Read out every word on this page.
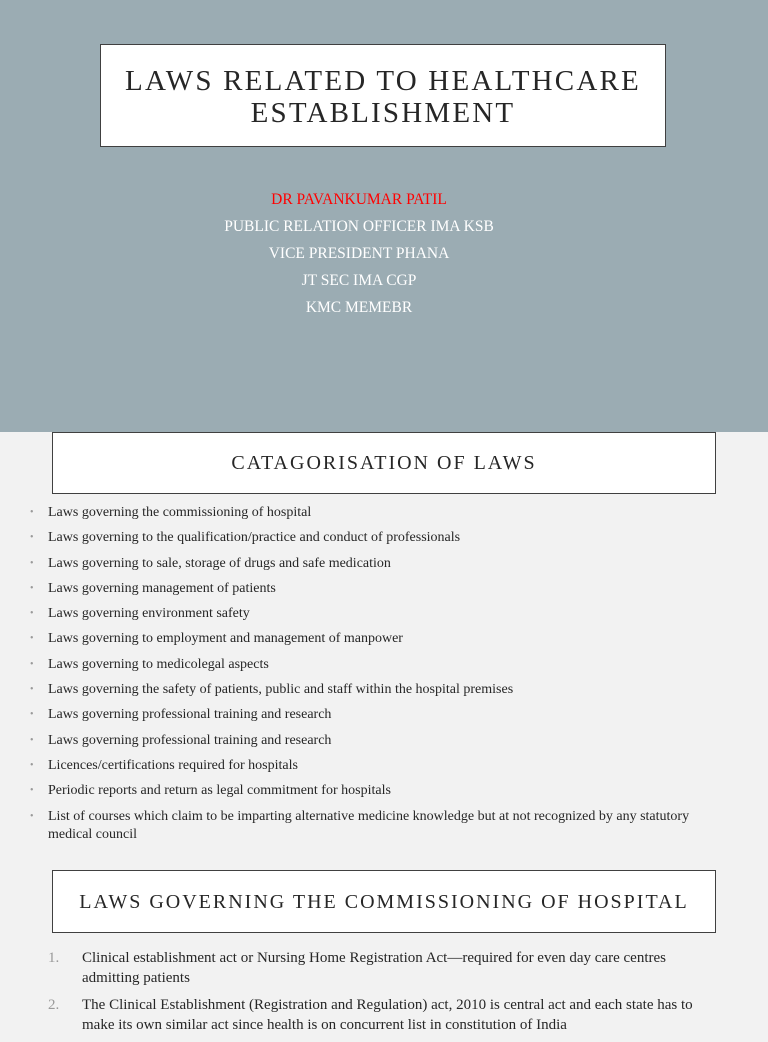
LAWS RELATED TO HEALTHCARE ESTABLISHMENT
DR PAVANKUMAR PATIL
PUBLIC RELATION OFFICER IMA KSB
VICE PRESIDENT PHANA
JT SEC IMA CGP
KMC MEMEBR
CATAGORISATION OF LAWS
• Laws governing the commissioning of hospital
• Laws governing to the qualification/practice and conduct of professionals
• Laws governing to sale, storage of drugs and safe medication
• Laws governing management of patients
• Laws governing environment safety
• Laws governing to employment and management of manpower
• Laws governing to medicolegal aspects
• Laws governing the safety of patients, public and staff within the hospital premises
• Laws governing professional training and research
• Laws governing professional training and research
• Licences/certifications required for hospitals
• Periodic reports and return as legal commitment for hospitals
• List of courses which claim to be imparting alternative medicine knowledge but at not recognized by any statutory medical council
LAWS GOVERNING THE COMMISSIONING OF HOSPITAL
1. Clinical establishment act or Nursing Home Registration Act—required for even day care centres admitting patients
2. The Clinical Establishment (Registration and Regulation) act, 2010 is central act and each state has to make its own similar act since health is on concurrent list in constitution of India
